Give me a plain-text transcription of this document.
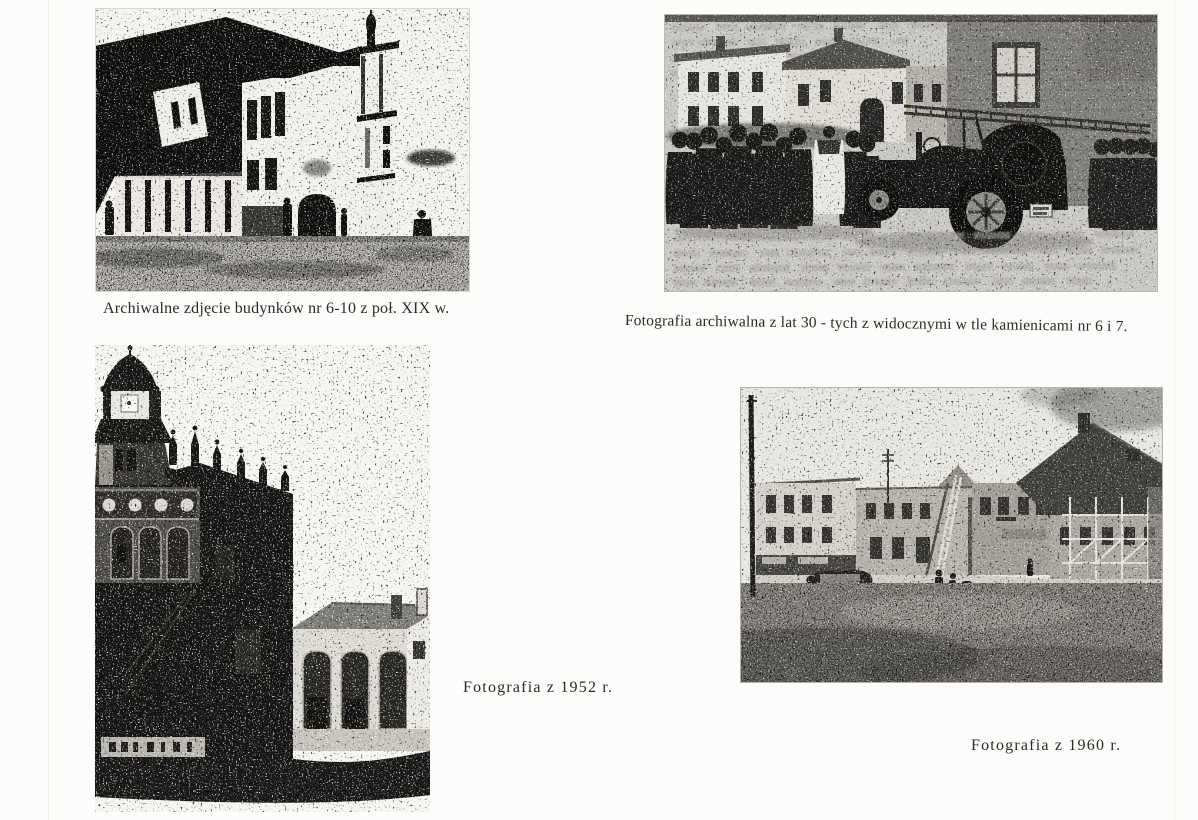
Archiwalne zdjęcie budynków nr 6-10 z poł. XIX w.
Fotografia archiwalna z lat 30 - tych z widocznymi w tle kamienicami nr 6 i 7.
Fotografia z 1952 r.
Fotografia z 1960 r.
